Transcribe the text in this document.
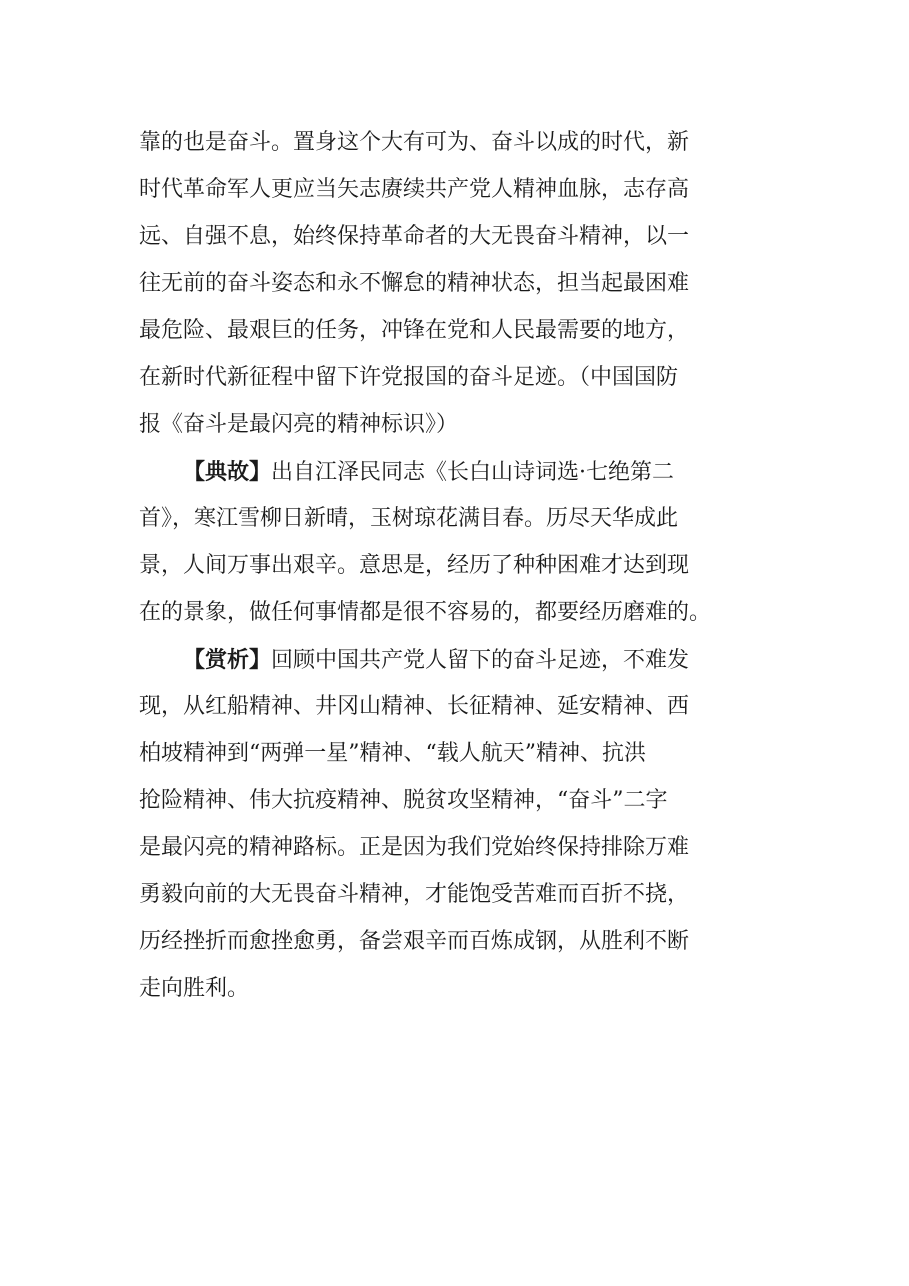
靠的也是奋斗。置身这个大有可为、奋斗以成的时代，新
时代革命军人更应当矢志赓续共产党人精神血脉，志存高
远、自强不息，始终保持革命者的大无畏奋斗精神，以一
往无前的奋斗姿态和永不懈怠的精神状态，担当起最困难
最危险、最艰巨的任务，冲锋在党和人民最需要的地方，
在新时代新征程中留下许党报国的奋斗足迹。（中国国防
报《奋斗是最闪亮的精神标识》）
【典故】出自江泽民同志《长白山诗词选·七绝第二
首》，寒江雪柳日新晴，玉树琼花满目春。历尽天华成此
景，人间万事出艰辛。意思是，经历了种种困难才达到现
在的景象，做任何事情都是很不容易的，都要经历磨难的。
【赏析】回顾中国共产党人留下的奋斗足迹，不难发
现，从红船精神、井冈山精神、长征精神、延安精神、西
柏坡精神到“两弹一星”精神、“载人航天”精神、抗洪
抢险精神、伟大抗疫精神、脱贫攻坚精神，“奋斗”二字
是最闪亮的精神路标。正是因为我们党始终保持排除万难
勇毅向前的大无畏奋斗精神，才能饱受苦难而百折不挠，
历经挫折而愈挫愈勇，备尝艰辛而百炼成钢，从胜利不断
走向胜利。
